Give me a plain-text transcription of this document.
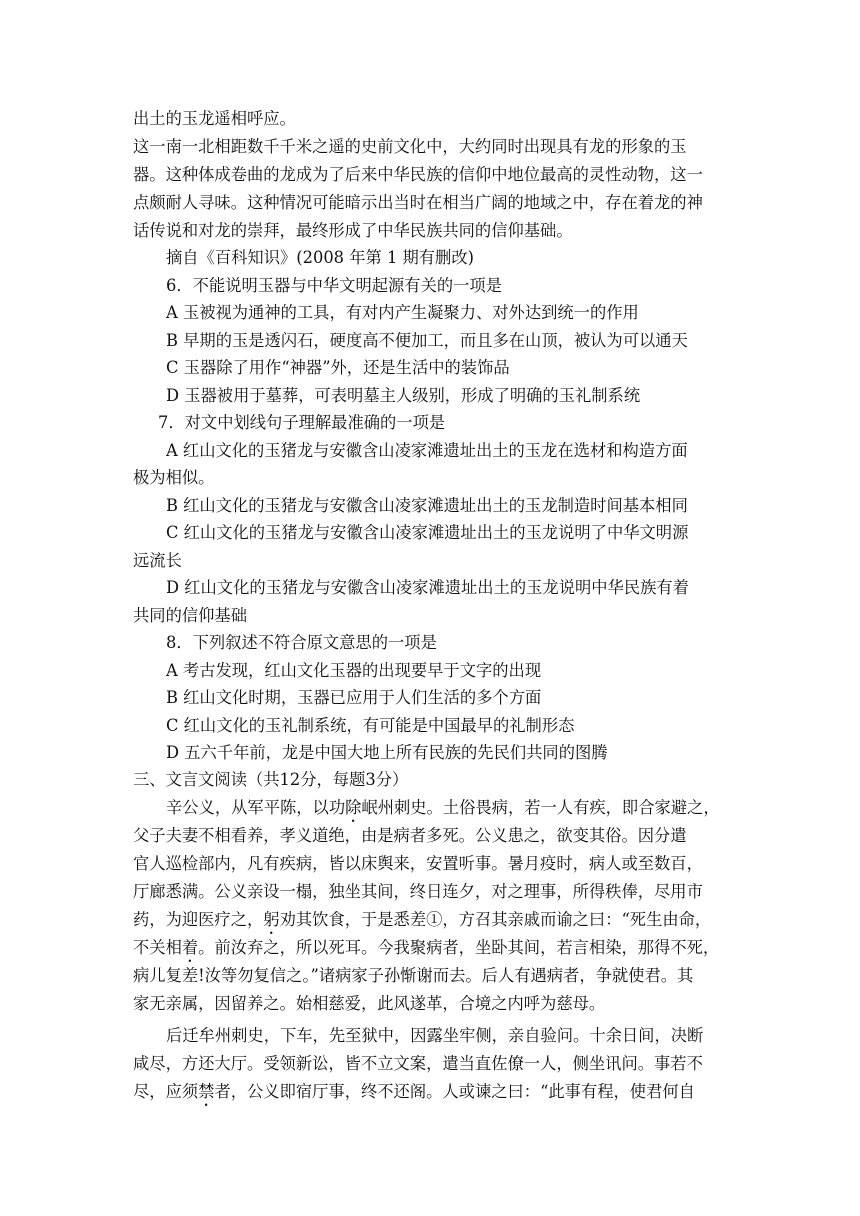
出土的玉龙遥相呼应。
这一南一北相距数千千米之遥的史前文化中，大约同时出现具有龙的形象的玉
器。这种体成卷曲的龙成为了后来中华民族的信仰中地位最高的灵性动物，这一
点颇耐人寻味。这种情况可能暗示出当时在相当广阔的地域之中，存在着龙的神
话传说和对龙的崇拜，最终形成了中华民族共同的信仰基础。
摘自《百科知识》(2008 年第 1 期有删改)
6．不能说明玉器与中华文明起源有关的一项是
A 玉被视为通神的工具，有对内产生凝聚力、对外达到统一的作用
B 早期的玉是透闪石，硬度高不便加工，而且多在山顶，被认为可以通天
C 玉器除了用作“神器”外，还是生活中的装饰品
D 玉器被用于墓葬，可表明墓主人级别，形成了明确的玉礼制系统
7．对文中划线句子理解最准确的一项是
A 红山文化的玉猪龙与安徽含山凌家滩遗址出土的玉龙在选材和构造方面
极为相似。
B 红山文化的玉猪龙与安徽含山凌家滩遗址出土的玉龙制造时间基本相同
C 红山文化的玉猪龙与安徽含山凌家滩遗址出土的玉龙说明了中华文明源
远流长
D 红山文化的玉猪龙与安徽含山凌家滩遗址出土的玉龙说明中华民族有着
共同的信仰基础
8．下列叙述不符合原文意思的一项是
A 考古发现，红山文化玉器的出现要早于文字的出现
B 红山文化时期，玉器已应用于人们生活的多个方面
C 红山文化的玉礼制系统，有可能是中国最早的礼制形态
D 五六千年前，龙是中国大地上所有民族的先民们共同的图腾
三、文言文阅读（共12分，每题3分）
辛公义，从军平陈，以功除岷州刺史。土俗畏病，若一人有疾，即合家避之，
父子夫妻不相看养，孝义道绝，由是病者多死。公义患之，欲变其俗。因分遣
官人巡检部内，凡有疾病，皆以床舆来，安置听事。暑月疫时，病人或至数百，
厅廊悉满。公义亲设一榻，独坐其间，终日连夕，对之理事，所得秩俸，尽用市
药，为迎医疗之，躬劝其饮食，于是悉差①，方召其亲戚而谕之曰：“死生由命，
不关相着。前汝弃之，所以死耳。今我聚病者，坐卧其间，若言相染，那得不死，
病儿复差!汝等勿复信之。”诸病家子孙惭谢而去。后人有遇病者，争就使君。其
家无亲属，因留养之。始相慈爱，此风遂革，合境之内呼为慈母。
后迁牟州刺史，下车，先至狱中，因露坐牢侧，亲自验问。十余日间，决断
咸尽，方还大厅。受领新讼，皆不立文案，遣当直佐僚一人，侧坐讯问。事若不
尽，应须禁者，公义即宿厅事，终不还阁。人或谏之曰：“此事有程，使君何自
